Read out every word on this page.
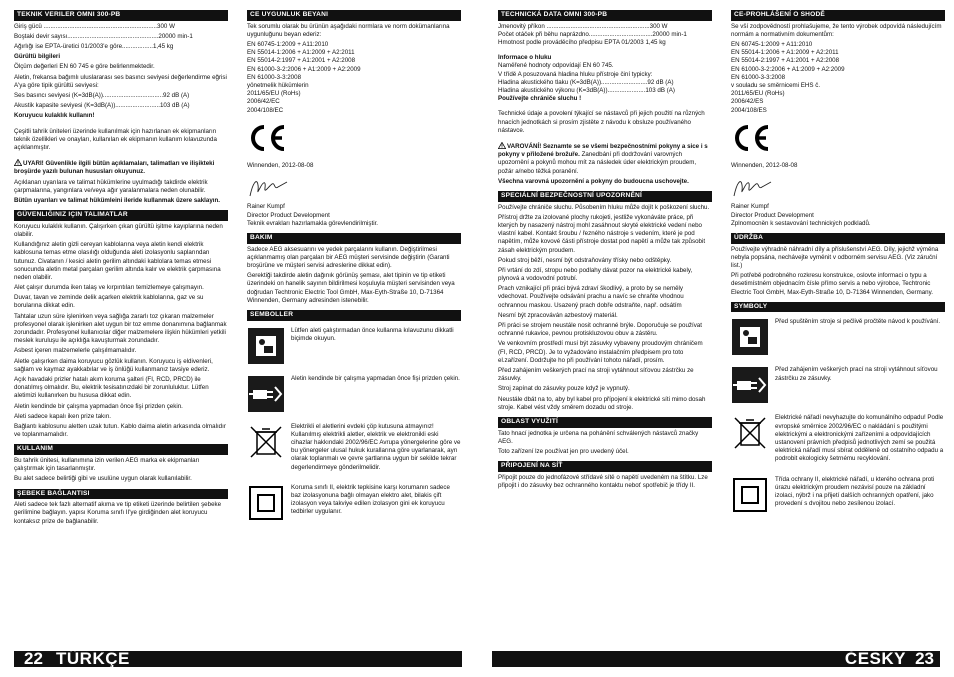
TEKNIK VERILER OMNI 300-PB

Giriş gücü ..................................................................300 W

Boştaki devir sayısı.....................................................20000 min-1

Ağırlığı ise EPTA-üretici 01/2003'e göre..................1,45 kg

Gürültü bilgileri

Ölçüm değerleri EN 60 745 e göre belirlenmektedir.

Aletin, frekansa bağımlı uluslararası ses basıncı seviyesi değerlendirme eğrisi A'ya göre tipik gürültü seviyesi:

Ses basıncı seviyesi (K=3dB(A))...................................92 dB (A)

Akustik kapasite seviyesi (K=3dB(A))..........................103 dB (A)

Koruyucu kulaklık kullanın!

Çeşitli tahrik üniteleri üzerinde kullanılmak için hazırlanan ek ekipmanların teknik özellikleri ve onayları, kullanılan ek ekipmanın kullanım kılavuzunda açıklanmıştır.

UYARI! Güvenlikle ilgili bütün açıklamaları, talimatları ve ilişikteki broşürde yazılı bulunan hususları okuyunuz.

Açıklanan uyarılara ve talimat hükümlerine uyulmadığı takdirde elektrik çarpmalarına, yangınlara ve/veya ağır yaralanmalara neden olunabilir.

Bütün uyarıları ve talimat hükümleini ileride kullanmak üzere saklayın.

GÜVENLIĞINIZ IÇIN TALIMATLAR

Koruyucu kulaklık kullanın. Çalışırken çıkan gürültü işitme kayıplarına neden olabilir.

Kullandığınız aletin gizli cereyan kablolarına veya aletin kendi elektrik kablosuna temas etme olasılığı olduğunda aleti izolasyonlu saplarından tutunuz. Civatanın / kesici aletin gerilim altındaki kablolara temas etmesi sonucunda aletin metal parçaları gerilim altında kalır ve elektrik çarpmasına neden olabilir.

Alet çalışır durumda iken talaş ve kırpıntıları temizlemeye çalışmayın.

Duvar, tavan ve zeminde delik açarken elektrik kablolarına, gaz ve su borularına dikkat edin.

Tahtalar uzun süre işlenirken veya sağlığa zararlı toz çıkaran malzemeler profesyonel olarak işlenirken alet uygun bir toz emme donanımına bağlanmak zorundadır. Profesyonel kullanıcılar diğer malzemelere ilişkin hükümleri yetkili meslek kuruluşu ile açıklığa kavuşturmak zorundadır.

Asbest içeren malzemelerle çalışılmamalıdır.

Aletle çalışırken daima koruyucu gözlük kullanın. Koruyucu iş eldivenleri, sağlam ve kaymaz ayakkabılar ve iş önlüğü kullanmanız tavsiye ederiz.

Açık havadaki prizler hatalı akım koruma şalteri (FI, RCD, PRCD) ile donatılmış olmalıdır. Bu, elektrik tesisatınızdaki bir zorunluluktur. Lütfen aletimizi kullanırken bu hususa dikkat edin.

Aletin kendinde bir çalışma yapmadan önce fişi prizden çekin.

Aleti sadece kapalı iken prize takın.

Bağlantı kablosunu aletten uzak tutun. Kablo daima aletin arkasında olmalıdır ve toplanmamalıdır.

KULLANIM

Bu tahrik ünitesi, kullanımına izin verilen AEG marka ek ekipmanları çalıştırmak için tasarlanmıştır.

Bu alet sadece belirtiği gibi ve usulüne uygun olarak kullanılabilir.

ŞEBEKE BAĞLANTISI

Aleti sadece tek fazlı alternatif akıma ve tip etiketi üzerinde belirtilen şebeke gerilimine bağlayın. yapısı Koruma sınıfı II'ye girdiğinden alet koruyucu kontaksız prize de bağlanabilir.

CE UYGUNLUK BEYANI

Tek sorumlu olarak bu ürünün aşağıdaki normlara ve norm dokümanlarına uygunluğunu beyan ederiz:

EN 60745-1:2009 + A11:2010

EN 55014-1:2006 + A1:2009 + A2:2011

EN 55014-2:1997 + A1:2001 + A2:2008

EN 61000-3-2:2006 + A1:2009 + A2:2009

EN 61000-3-3:2008

yönetmelik hükümlerin

2011/65/EU (RoHs)

2006/42/EC

2004/108/EC

Winnenden, 2012-08-08

Rainer Kumpf

Director Product Development

Teknik evrakları hazırlamakla görevlendirilmiştir.

BAKIM

Sadece AEG aksesuarını ve yedek parçalarını kullanın. Değiştirilmesi açıklanmamış olan parçaları bir AEG müşteri servisinde değiştirin (Garanti broşürüne ve müşteri servisi adreslerine dikkat edin).

Gerektiği takdirde aletin dağınık görünüş şeması, alet tipinin ve tip etiketi üzerindeki on hanelik sayının bildirilmesi koşuluyla müşteri servisinden veya doğrudan Techtronic Electric Tool GmbH, Max-Eyth-Straße 10, D-71364 Winnenden, Germany adresinden istenebilir.

SEMBOLLER

Lütfen aleti çalıştırmadan önce kullanma kılavuzunu dikkatli biçimde okuyun.

Aletin kendinde bir çalışma yapmadan önce fişi prizden çekin.

Elektrikli el aletlerini evdeki çöp kutusuna atmayınız! Kullanılmış elektrikli aletler, elektrik ve elektronikli eski cihazlar hakkındaki 2002/96/EC Avrupa yönergelerine göre ve bu yönergeler ulusal hukuk kurallarına göre uyarlanarak, ayrı olarak toplanmalı ve çevre şartlarına uygun bir sekilde tekrar degerlendirmeye gönderilmelidir.

Koruma sınıfı II, elektrik tepkisine karşı korumanın sadece baz izolasyonuna bağlı olmayan elektro alet, bilakis çift izolasyon veya takviye edilen izolasyon gini ek koruyucu tedbirler uygulanır.

TECHNICKÁ DATA OMNI 300-PB

Jmenovitý příkon ............................................................300 W

Počet otáček při běhu naprázdno.....................................20000 min-1

Hmotnost podle prováděcího předpisu EPTA 01/2003 1,45 kg

Informace o hluku

Naměřené hodnoty odpovídají EN 60 745.

V třídě A posuzovaná hladina hluku přístroje činí typicky:

Hladina akustického tlaku (K=3dB(A))...........................92 dB (A)

Hladina akustického výkonu (K=3dB(A))......................103 dB (A)

Používejte chrániče sluchu !

Technické údaje a povolení týkající se nástavců při jejich použití na různých hnacích jednotkách si prosím zjistěte z návodu k obsluze používaného nástavce.

VAROVÁNÍ! Seznamte se se všemi bezpečnostními pokyny a sice i s pokyny v přiložené brožuře. Zanedbání při dodržování varovných upozornění a pokynů mohou mít za následek úder elektrickým proudem, požár a/nebo těžká poranění.

Všechna varovná upozornění a pokyny do budoucna uschovejte.

SPECIÁLNÍ BEZPEČNOSTNÍ UPOZORNĚNÍ

Používejte chrániče sluchu. Působením hluku může dojít k poškození sluchu.

Přístroj držte za izolované plochy rukojeti, jestliže vykonáváte práce, při kterých by nasazený nástroj mohl zasáhnout skryté elektrické vedení nebo vlastní kabel. Kontakt šroubu / řezného nástroje s vedením, které je pod napětím, může kovové části přístroje dostat pod napětí a může tak způsobit zásah elektrickým proudem.

Pokud stroj běží, nesmí být odstraňovány třísky nebo odštěpky.

Při vrtání do zdí, stropu nebo podlahy dávat pozor na elektrické kabely, plynová a vodovodní potrubí.

Prach vznikající při práci bývá zdraví škodlivý, a proto by se neměly vdechovat. Používejte odsávání prachu a navíc se chraňte vhodnou ochrannou maskou. Usazený prach dobře odstraňte, např. odsátím

Nesmí být zpracováván azbestový materiál.

Při práci se strojem neustále nosit ochranné brýle. Doporučuje se používat ochranné rukavice, pevnou protiskluzovou obuv a zástěru.

Ve venkovním prostředí musí být zásuvky vybaveny proudovým chráničem (FI, RCD, PRCD). Je to vyžadováno instalačním předpisem pro toto el.zařízení. Dodržujte ho při používání tohoto nářadí, prosím.

Před zahájením veškerých prací na stroji vytáhnout síťovou zástrčku ze zásuvky.

Stroj zapínat do zásuvky pouze když je vypnutý.

Neustále dbát na to, aby byl kabel pro přípojení k elektrické síti mimo dosah stroje. Kabel vést vždy směrem dozadu od stroje.

OBLAST VYUŽITÍ

Tato hnací jednotka je určena na pohánění schválených nástavců značky AEG.

Toto zařízení lze používat jen pro uvedený účel.

PŘIPOJENÍ NA SÍŤ

Připojit pouze do jednofázové střídavé sítě o napětí uvedeném na štítku. Lze připojit i do zásuvky bez ochranného kontaktu neboť spotřebič je třídy II.

CE-PROHLÁŠENÍ O SHODĚ

Se vší zodpovědností prohlašujeme, že tento výrobek odpovídá následujícím normám a normativním dokumentům:

EN 60745-1:2009 + A11:2010

EN 55014-1:2006 + A1:2009 + A2:2011

EN 55014-2:1997 + A1:2001 + A2:2008

EN 61000-3-2:2006 + A1:2009 + A2:2009

EN 61000-3-3:2008

v souladu se směrnicemi EHS č.

2011/65/EU (RoHs)

2006/42/ES

2004/108/ES

Winnenden, 2012-08-08

Rainer Kumpf

Director Product Development

Zplnomocněn k sestavování technických podkladů.

ÚDRŽBA

Používejte výhradně náhradní díly a příslušenství AEG. Díly, jejichž výměna nebyla popsána, nechávejte vyměnit v odborném servisu AEG. (Viz záruční list.)

Při potřebě podrobného rozkresu konstrukce, oslovte informaci o typu a desetimístném objednacím čísle přímo servis a nebo výrobce, Techtronic Electric Tool GmbH, Max-Eyth-Straße 10, D-71364 Winnenden, Germany.

SYMBOLY

Před spuštěním stroje si pečlivě pročtěte návod k používání.

Před zahájením veškerých prací na stroji vytáhnout síťovou zástrčku ze zásuvky.

Elektrické nářadí nevyhazujte do komunálního odpadu! Podle evropské směrnice 2002/96/EC o nakládání s použitými elektrickými a elektronickými zařízeními a odpovídajících ustanovení právních předpisů jednotlivých zemí se použitá elektrická nářadí musí sbírat odděleně od ostatního odpadu a podrobit ekologicky šetrnému recyklování.

Třída ochrany II, elektrické nářadí, u kterého ochrana proti úrazu elektrickým proudem nezávisí pouze na základní izolaci, nýbrž i na přijetí dalších ochranných opatření, jako provedení s dvojitou nebo zesílenou izolací.

22 TÜRKÇE	ČESKY 23
